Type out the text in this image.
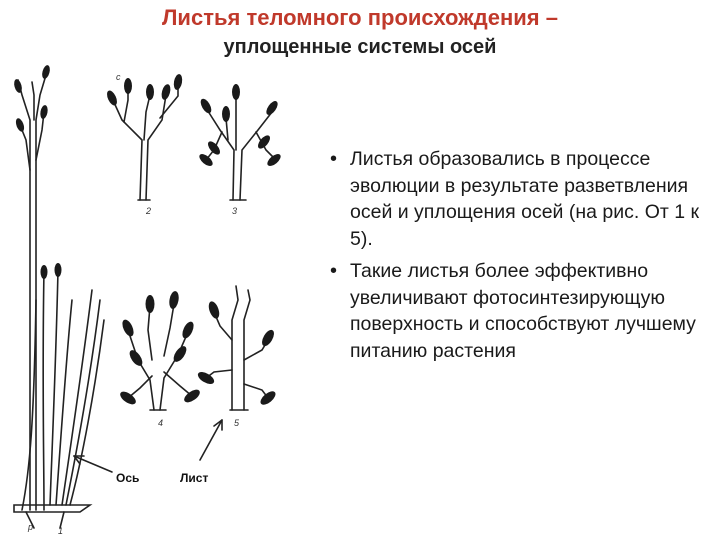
Листья теломного происхождения –
уплощенные системы осей
2	3
4	5
1
p
c
Ось	Лист
• Листья образовались в процессе эволюции в результате разветвления осей и уплощения осей (на рис. От 1 к 5).
• Такие листья более эффективно увеличивают фотосинтезирующую поверхность и способствуют лучшему питанию растения
